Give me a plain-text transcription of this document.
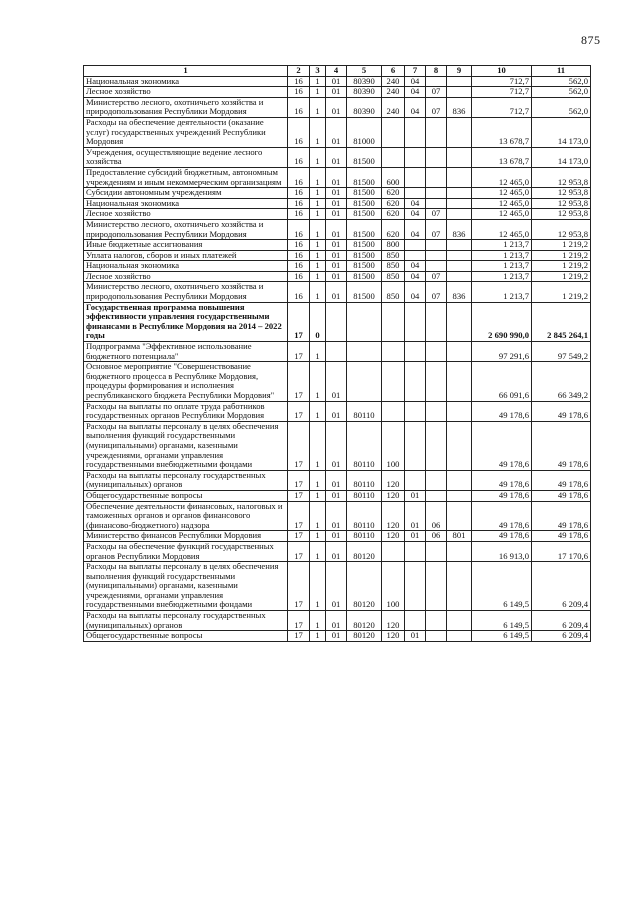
875
1	2	3	4	5	6	7	8	9	10	11
Национальная экономика	16	1	01	80390	240	04			712,7	562,0
Лесное хозяйство	16	1	01	80390	240	04	07		712,7	562,0
Министерство лесного, охотничьего хозяйства и природопользования Республики Мордовия	16	1	01	80390	240	04	07	836	712,7	562,0
Расходы на обеспечение деятельности (оказание услуг) государственных учреждений Республики Мордовия	16	1	01	81000					13 678,7	14 173,0
Учреждения, осуществляющие ведение лесного хозяйства	16	1	01	81500					13 678,7	14 173,0
Предоставление субсидий бюджетным, автономным учреждениям и иным некоммерческим организациям	16	1	01	81500	600				12 465,0	12 953,8
Субсидии автономным учреждениям	16	1	01	81500	620				12 465,0	12 953,8
Национальная экономика	16	1	01	81500	620	04			12 465,0	12 953,8
Лесное хозяйство	16	1	01	81500	620	04	07		12 465,0	12 953,8
Министерство лесного, охотничьего хозяйства и природопользования Республики Мордовия	16	1	01	81500	620	04	07	836	12 465,0	12 953,8
Иные бюджетные ассигнования	16	1	01	81500	800				1 213,7	1 219,2
Уплата налогов, сборов и иных платежей	16	1	01	81500	850				1 213,7	1 219,2
Национальная экономика	16	1	01	81500	850	04			1 213,7	1 219,2
Лесное хозяйство	16	1	01	81500	850	04	07		1 213,7	1 219,2
Министерство лесного, охотничьего хозяйства и природопользования Республики Мордовия	16	1	01	81500	850	04	07	836	1 213,7	1 219,2
Государственная программа повышения эффективности управления государственными финансами в Республике Мордовия на 2014 – 2022 годы	17	0							2 690 990,0	2 845 264,1
Подпрограмма "Эффективное использование бюджетного потенциала"	17	1							97 291,6	97 549,2
Основное мероприятие "Совершенствование бюджетного процесса в Республике Мордовия, процедуры формирования и исполнения республиканского бюджета Республики Мордовия"	17	1	01						66 091,6	66 349,2
Расходы на выплаты по оплате труда работников государственных органов Республики Мордовия	17	1	01	80110					49 178,6	49 178,6
Расходы на выплаты персоналу в целях обеспечения выполнения функций государственными (муниципальными) органами, казенными учреждениями, органами управления государственными внебюджетными фондами	17	1	01	80110	100				49 178,6	49 178,6
Расходы на выплаты персоналу государственных (муниципальных) органов	17	1	01	80110	120				49 178,6	49 178,6
Общегосударственные вопросы	17	1	01	80110	120	01			49 178,6	49 178,6
Обеспечение деятельности финансовых, налоговых и таможенных органов и органов финансового (финансово-бюджетного) надзора	17	1	01	80110	120	01	06		49 178,6	49 178,6
Министерство финансов Республики Мордовия	17	1	01	80110	120	01	06	801	49 178,6	49 178,6
Расходы на обеспечение функций государственных органов Республики Мордовия	17	1	01	80120					16 913,0	17 170,6
Расходы на выплаты персоналу в целях обеспечения выполнения функций государственными (муниципальными) органами, казенными учреждениями, органами управления государственными внебюджетными фондами	17	1	01	80120	100				6 149,5	6 209,4
Расходы на выплаты персоналу государственных (муниципальных) органов	17	1	01	80120	120				6 149,5	6 209,4
Общегосударственные вопросы	17	1	01	80120	120	01			6 149,5	6 209,4
